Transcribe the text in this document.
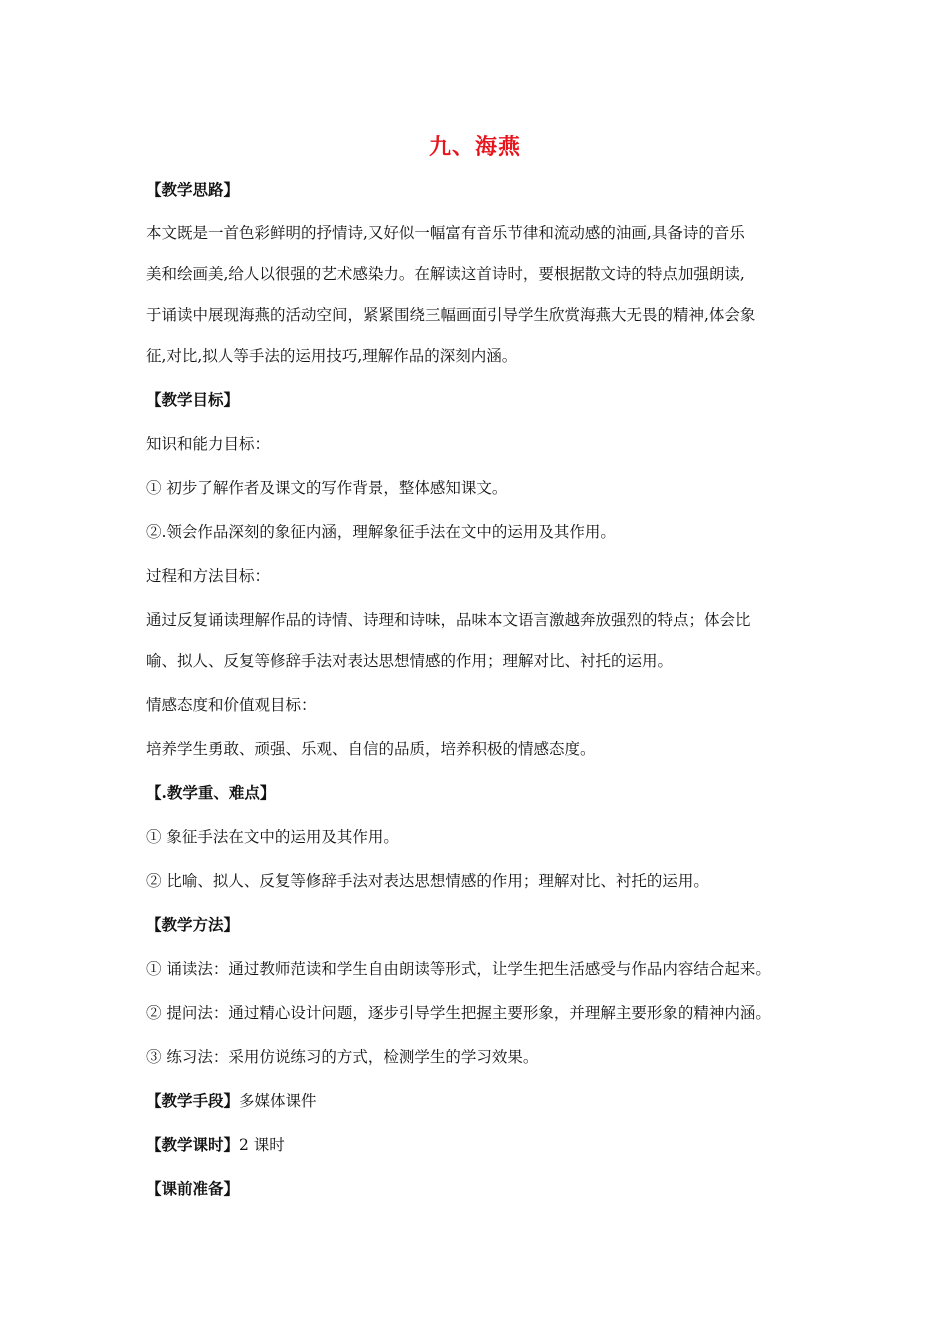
九、海燕
【教学思路】
本文既是一首色彩鲜明的抒情诗,又好似一幅富有音乐节律和流动感的油画,具备诗的音乐
美和绘画美,给人以很强的艺术感染力。在解读这首诗时，要根据散文诗的特点加强朗读,
于诵读中展现海燕的活动空间，紧紧围绕三幅画面引导学生欣赏海燕大无畏的精神,体会象
征,对比,拟人等手法的运用技巧,理解作品的深刻内涵。
【教学目标】
知识和能力目标：
① 初步了解作者及课文的写作背景，整体感知课文。
②.领会作品深刻的象征内涵，理解象征手法在文中的运用及其作用。
过程和方法目标：
通过反复诵读理解作品的诗情、诗理和诗味，品味本文语言激越奔放强烈的特点；体会比
喻、拟人、反复等修辞手法对表达思想情感的作用；理解对比、衬托的运用。
情感态度和价值观目标：
培养学生勇敢、顽强、乐观、自信的品质，培养积极的情感态度。
【.教学重、难点】
① 象征手法在文中的运用及其作用。
② 比喻、拟人、反复等修辞手法对表达思想情感的作用；理解对比、衬托的运用。
【教学方法】
① 诵读法：通过教师范读和学生自由朗读等形式，让学生把生活感受与作品内容结合起来。
② 提问法：通过精心设计问题，逐步引导学生把握主要形象，并理解主要形象的精神内涵。
③ 练习法：采用仿说练习的方式，检测学生的学习效果。
【教学手段】多媒体课件
【教学课时】2 课时
【课前准备】
